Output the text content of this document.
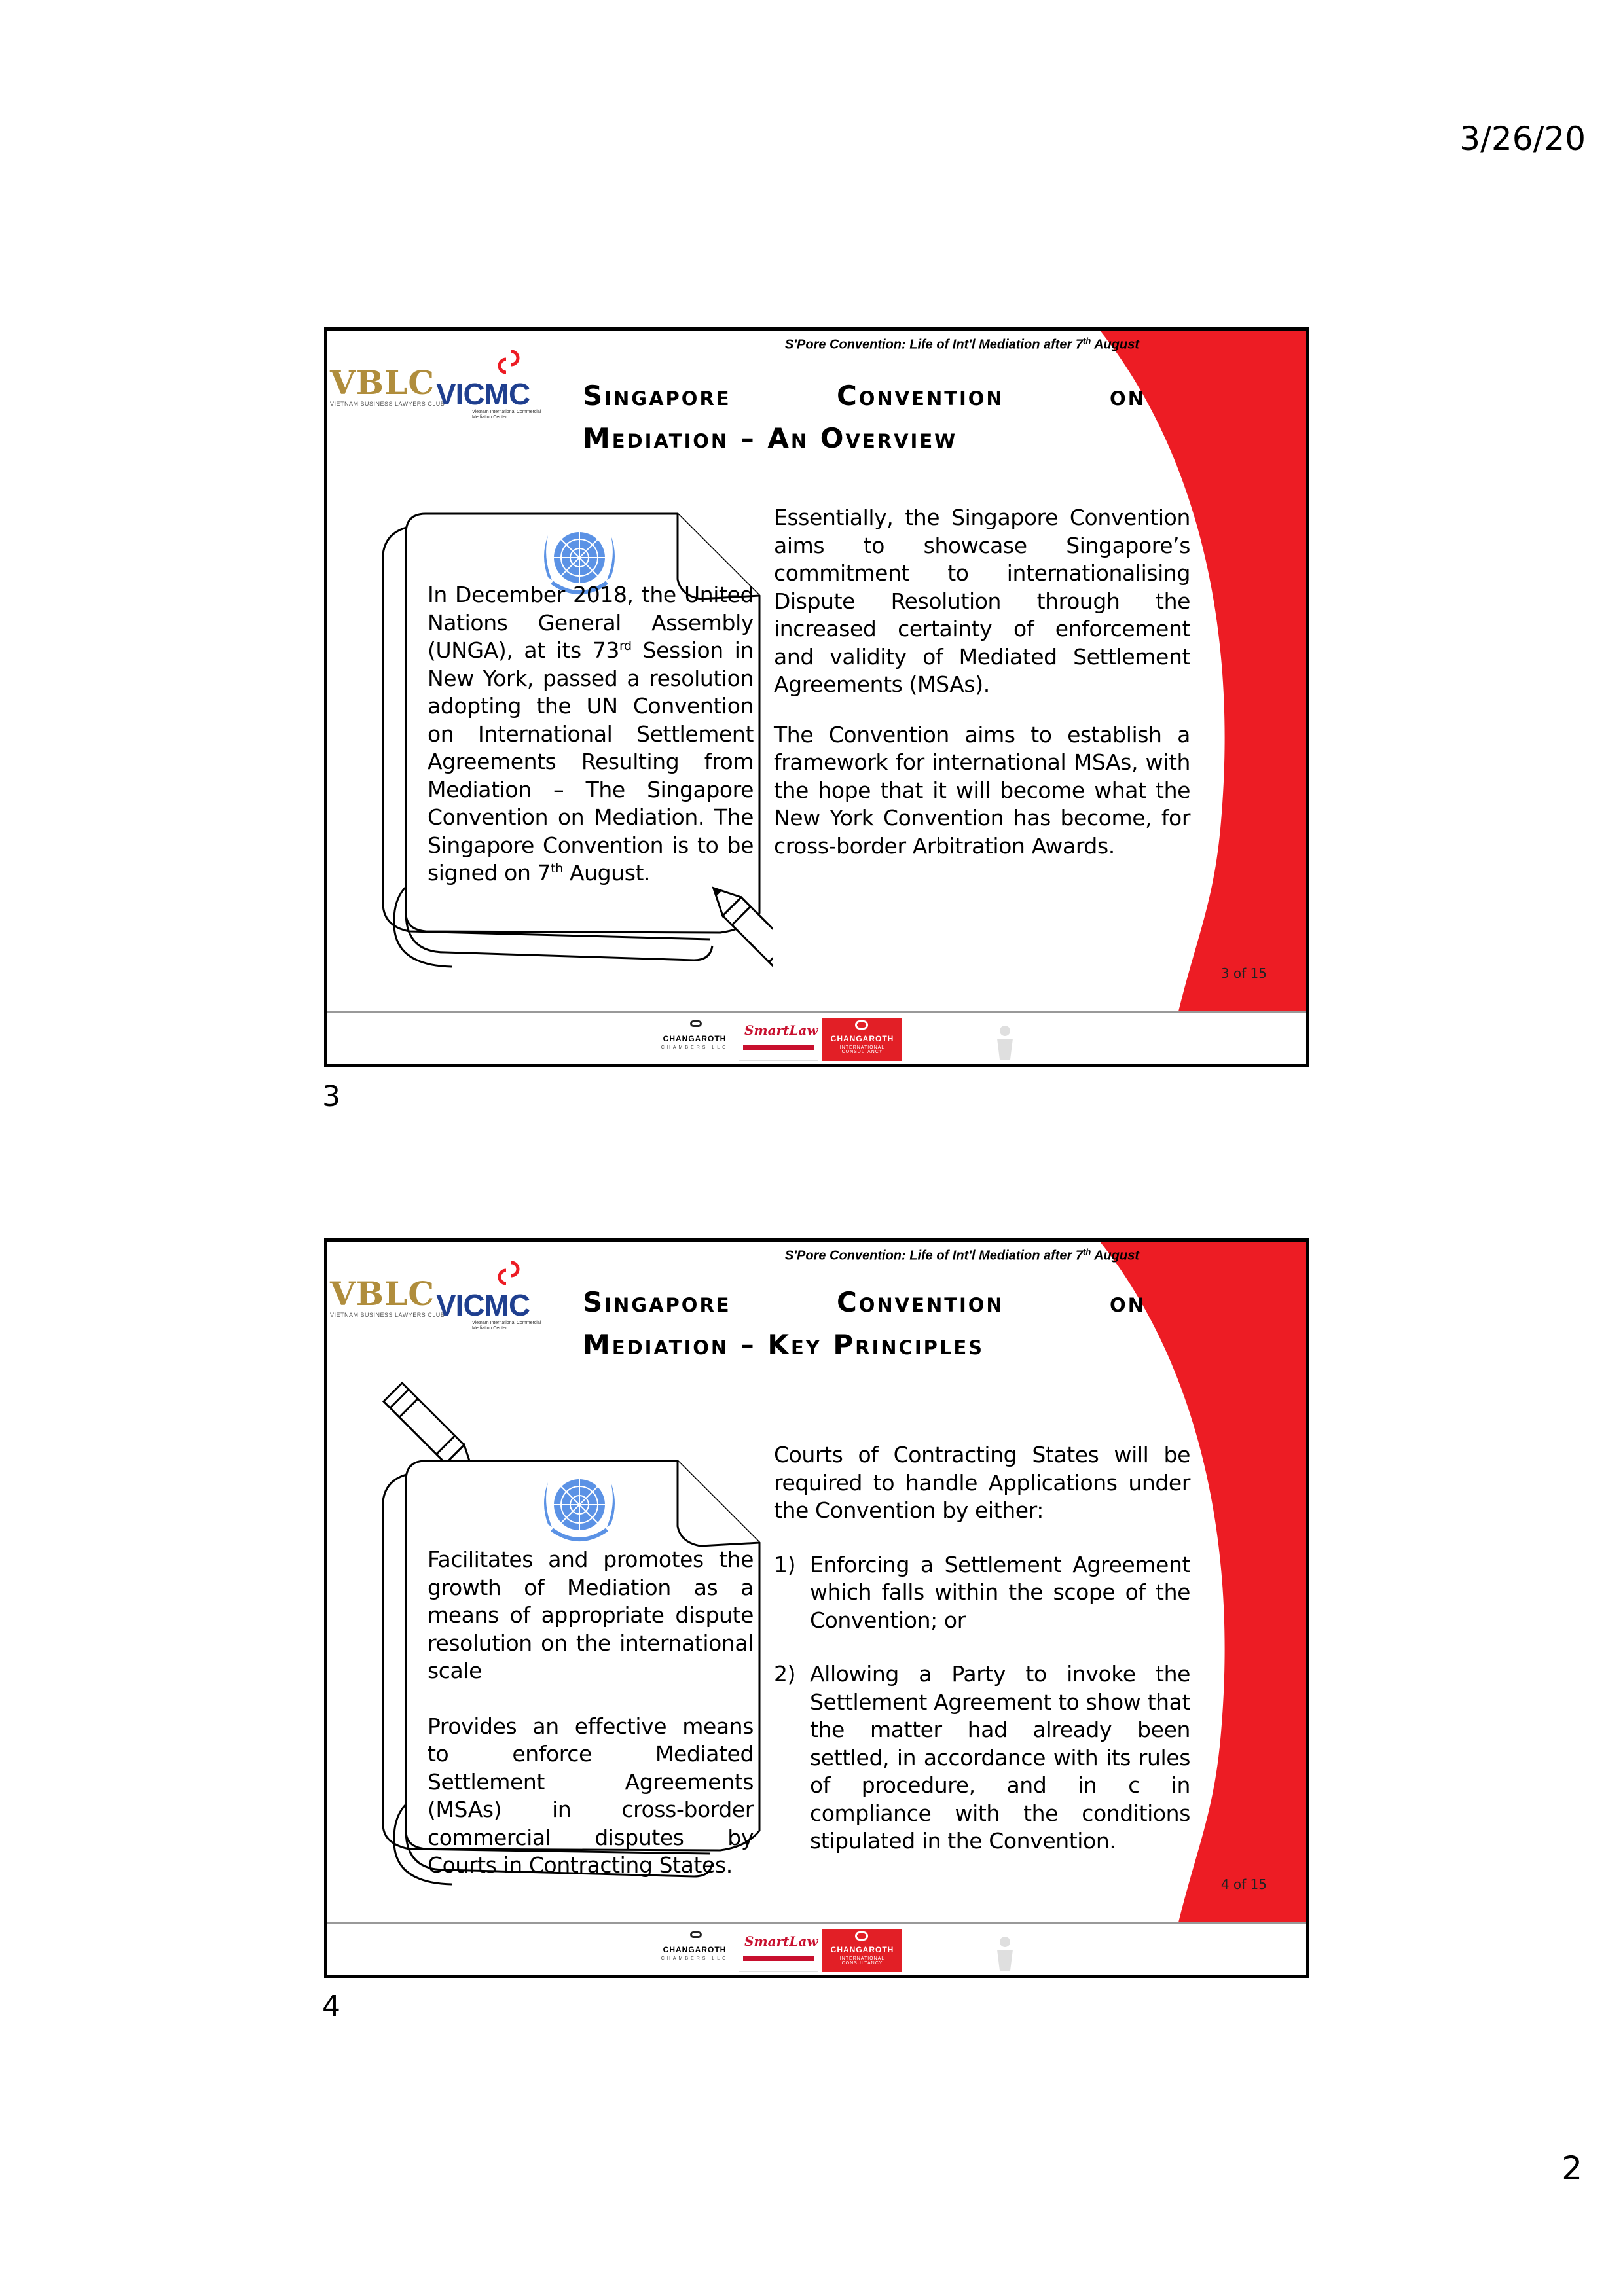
3/26/20
S'Pore Convention: Life of Int'l Mediation after 7th August
VBLC
VIETNAM BUSINESS LAWYERS CLUB
VICMC
Vietnam International Commercial Mediation Center
Singapore	Convention	on
Mediation – An Overview

In December 2018, the United Nations General Assembly (UNGA), at its 73rd Session in New York, passed a resolution adopting the UN Convention on International Settlement Agreements Resulting from Mediation – The Singapore Convention on Mediation. The Singapore Convention is to be signed on 7th August.

Essentially, the Singapore Convention aims to showcase Singapore’s commitment to internationalising Dispute Resolution through the increased certainty of enforcement and validity of Mediated Settlement Agreements (MSAs).

The Convention aims to establish a framework for international MSAs, with the hope that it will become what the New York Convention has become, for cross-border Arbitration Awards.

3 of 15
CHANGAROTH
CHAMBERS LLC
SmartLaw
CHANGAROTH
INTERNATIONAL CONSULTANCY
3
S'Pore Convention: Life of Int'l Mediation after 7th August
VBLC
VIETNAM BUSINESS LAWYERS CLUB
VICMC
Vietnam International Commercial Mediation Center
Singapore	Convention	on
Mediation – Key Principles

Facilitates and promotes the growth of Mediation as a means of appropriate dispute resolution on the international scale

Provides an effective means to enforce Mediated Settlement Agreements (MSAs) in cross-border commercial disputes by Courts in Contracting States.

Courts of Contracting States will be required to handle Applications under the Convention by either:

1) Enforcing a Settlement Agreement which falls within the scope of the Convention; or
2) Allowing a Party to invoke the Settlement Agreement to show that the matter had already been settled, in accordance with its rules of procedure, and in c in compliance with the conditions stipulated in the Convention.
4 of 15
CHANGAROTH
CHAMBERS LLC
SmartLaw
CHANGAROTH
INTERNATIONAL CONSULTANCY
4
2
